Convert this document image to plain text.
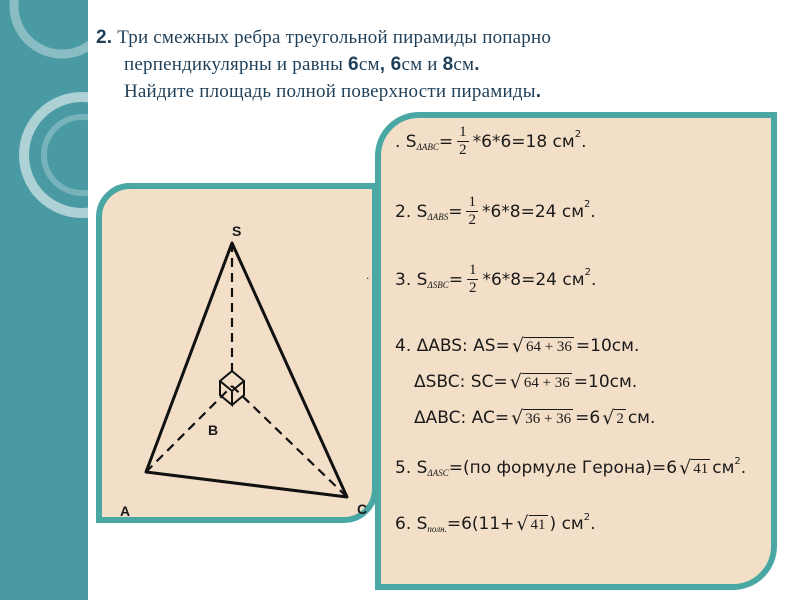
2. Три смежных ребра треугольной пирамиды попарно
перпендикулярны и равны 6см, 6см и 8см.
Найдите площадь полной поверхности пирамиды.
S
B
A	C
.
. S $\Delta ABC = \frac{1}{2} *6*6=18$ см 2 .
2. S $\Delta ABS = \frac{1}{2} *6*8=24$ см 2 .
3. S $\Delta SBC = \frac{1}{2} *6*8=24$ см 2 .
4. ΔABS: AS= √ 64 + 36 =10см.
ΔSBC: SC= √ 64 + 36 =10см.
ΔABC: AC= √ 36 + 36 =6 √ 2 см.
5. S ΔASC =(по формуле Герона)=6 √ 41 см 2 .
6. S полн. =6(11+ √ 41 ) см 2 .
